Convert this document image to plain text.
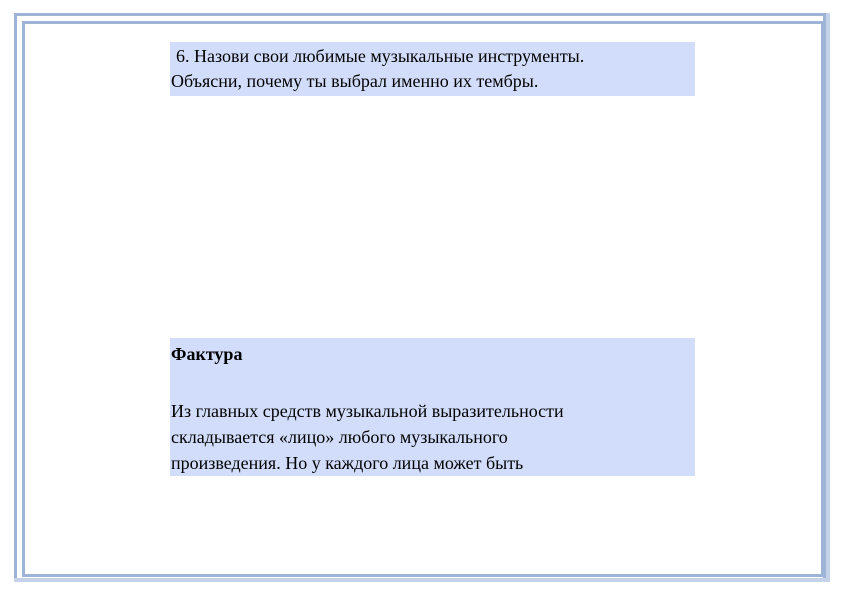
6. Назови свои любимые музыкальные инструменты.
Объясни, почему ты выбрал именно их тембры.
Фактура
Из главных средств музыкальной выразительности
складывается «лицо» любого музыкального
произведения. Но у каждого лица может быть
